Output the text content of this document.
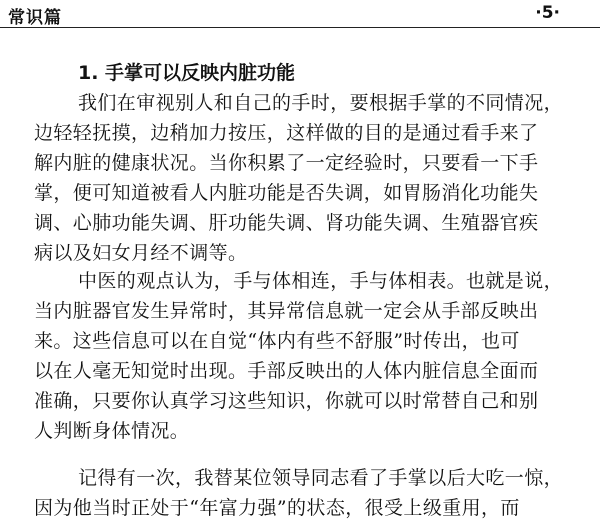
常识篇	·5·
1. 手掌可以反映内脏功能
我们在审视别人和自己的手时，要根据手掌的不同情况，
边轻轻抚摸，边稍加力按压，这样做的目的是通过看手来了
解内脏的健康状况。当你积累了一定经验时，只要看一下手
掌，便可知道被看人内脏功能是否失调，如胃肠消化功能失
调、心肺功能失调、肝功能失调、肾功能失调、生殖器官疾
病以及妇女月经不调等。
中医的观点认为，手与体相连，手与体相表。也就是说，
当内脏器官发生异常时，其异常信息就一定会从手部反映出
来。这些信息可以在自觉“体内有些不舒服”时传出，也可
以在人毫无知觉时出现。手部反映出的人体内脏信息全面而
准确，只要你认真学习这些知识，你就可以时常替自己和别
人判断身体情况。
记得有一次，我替某位领导同志看了手掌以后大吃一惊，
因为他当时正处于“年富力强”的状态，很受上级重用，而
